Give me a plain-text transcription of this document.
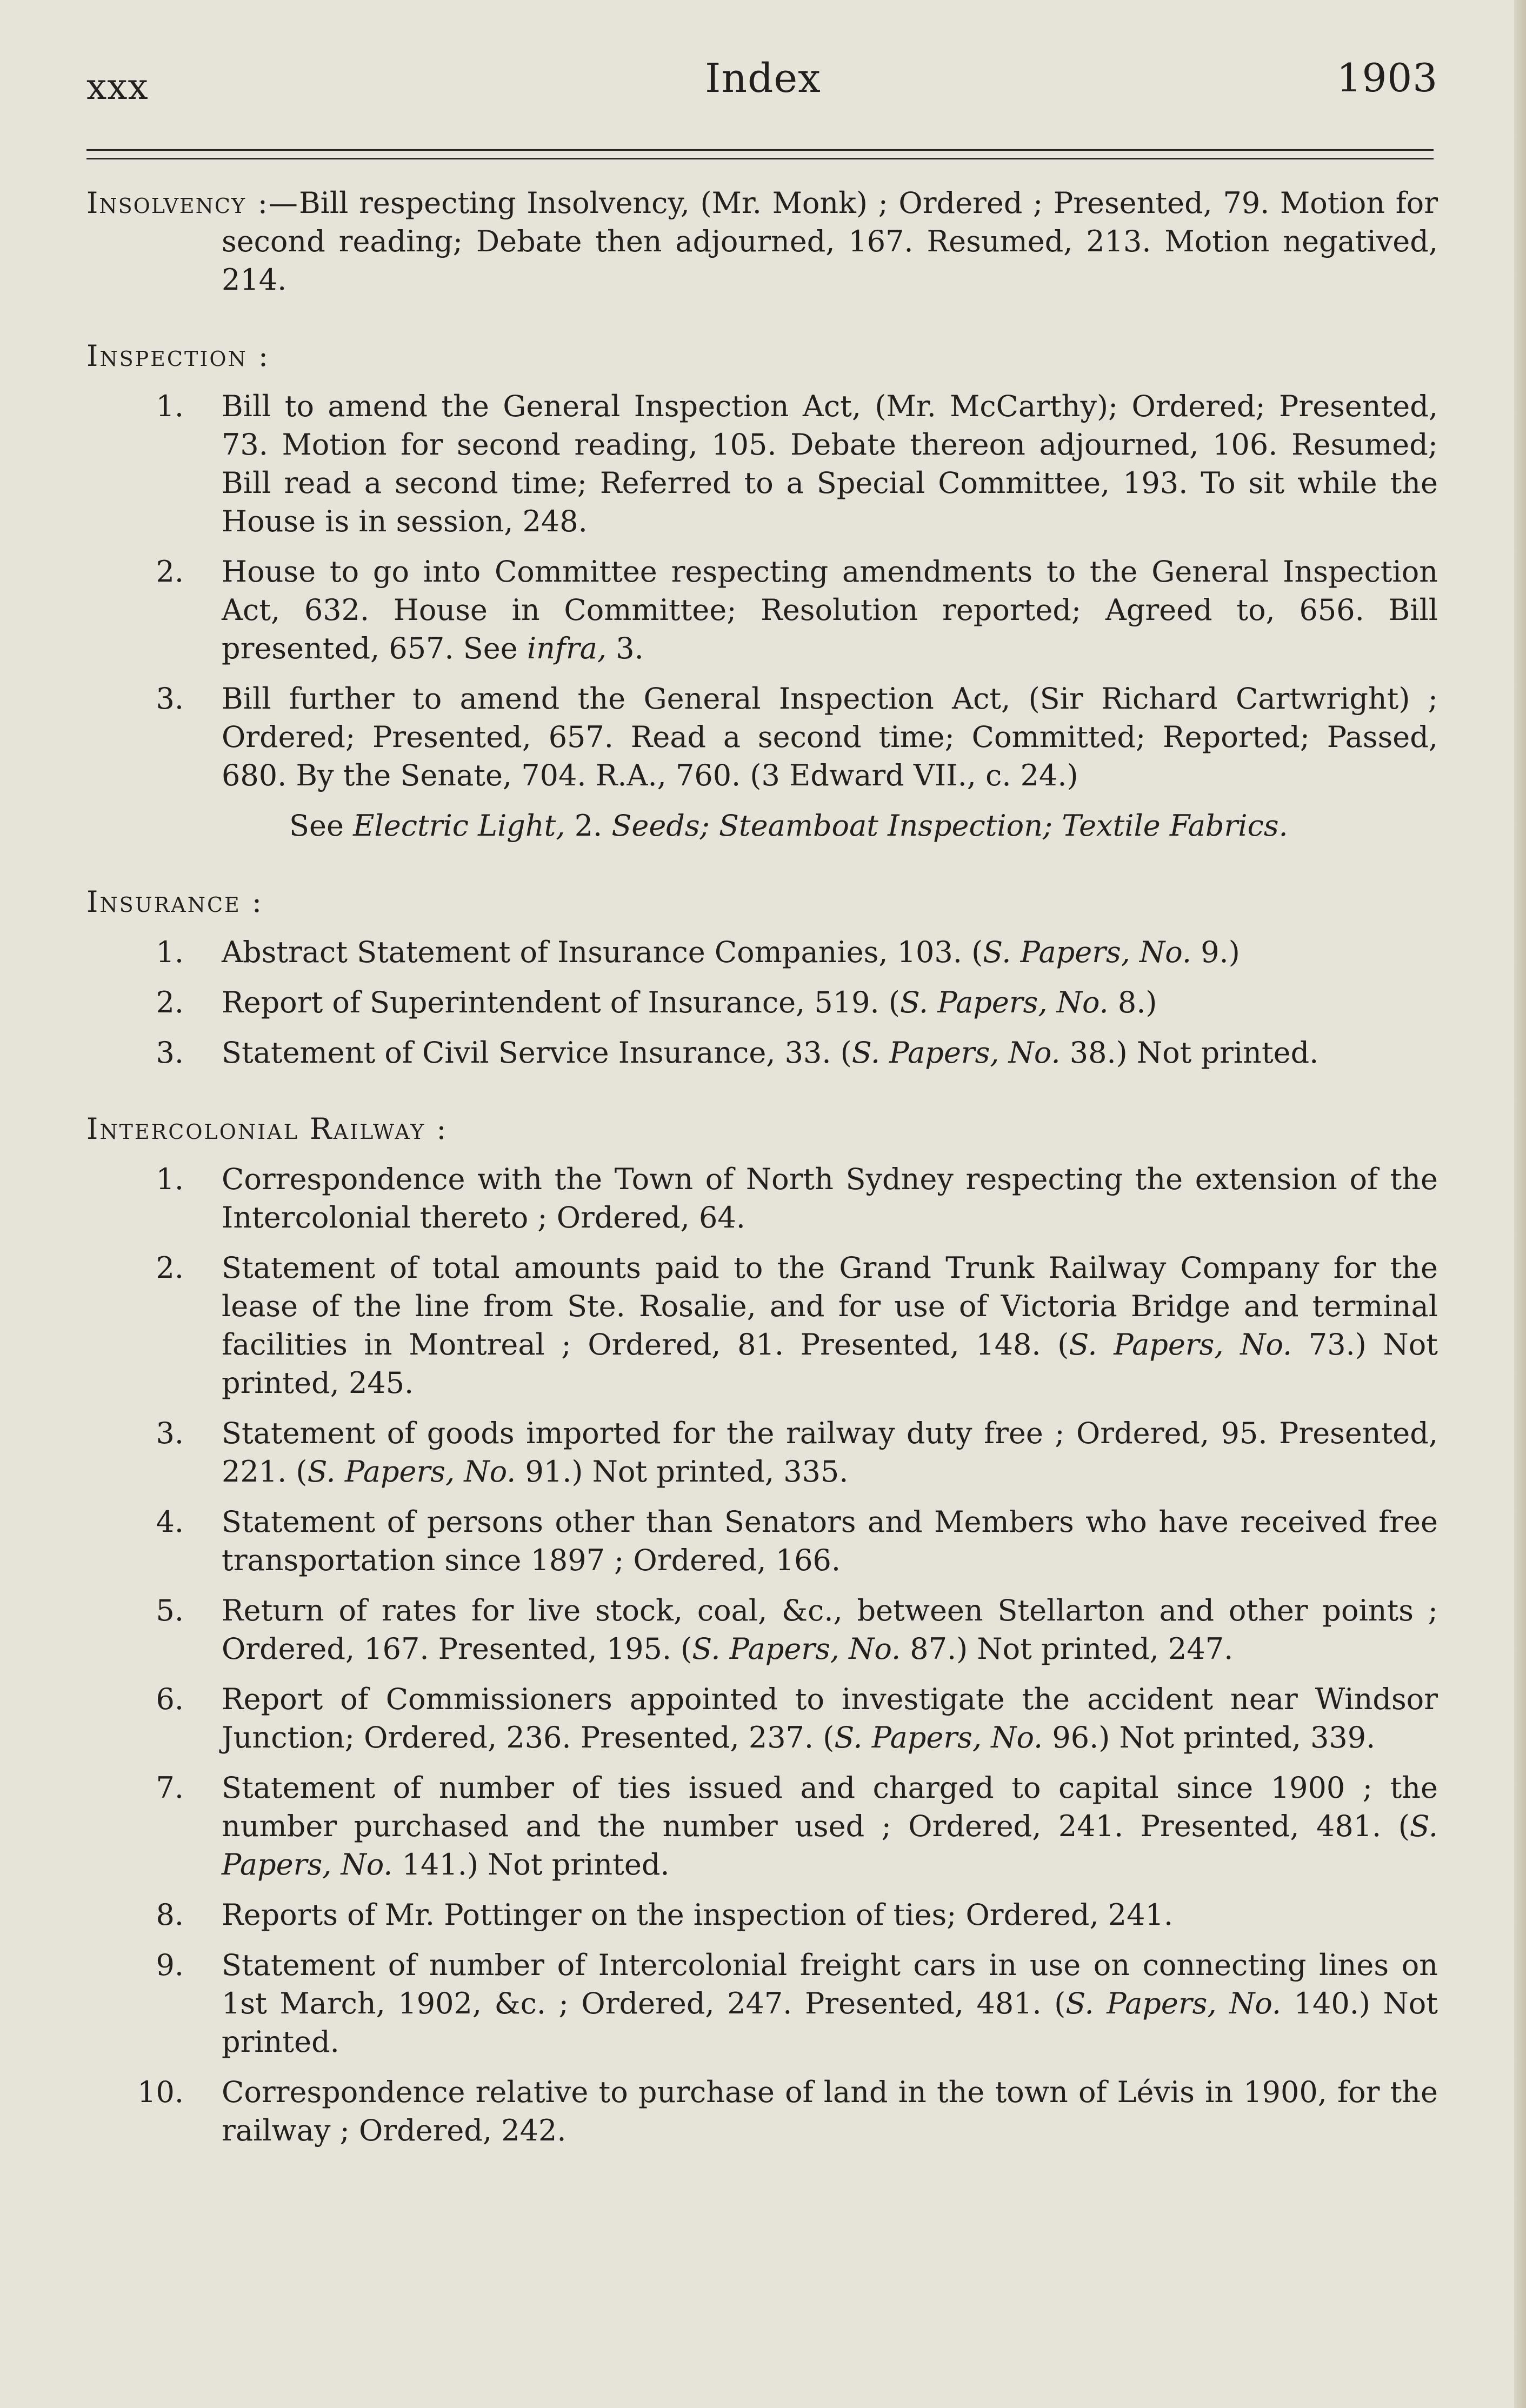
xxx	Index	1903
Insolvency :—Bill respecting Insolvency, (Mr. Monk) ; Ordered ; Presented, 79. Motion for second reading; Debate then adjourned, 167. Resumed, 213. Motion negatived, 214.
Inspection :
1. Bill to amend the General Inspection Act, (Mr. McCarthy); Ordered; Presented, 73. Motion for second reading, 105. Debate thereon adjourned, 106. Resumed; Bill read a second time; Referred to a Special Committee, 193. To sit while the House is in session, 248.
2. House to go into Committee respecting amendments to the General Inspection Act, 632. House in Committee; Resolution reported; Agreed to, 656. Bill presented, 657. See infra, 3.
3. Bill further to amend the General Inspection Act, (Sir Richard Cartwright) ; Ordered; Presented, 657. Read a second time; Committed; Reported; Passed, 680. By the Senate, 704. R.A., 760. (3 Edward VII., c. 24.)
See Electric Light, 2. Seeds; Steamboat Inspection; Textile Fabrics.
Insurance :
1. Abstract Statement of Insurance Companies, 103. (S. Papers, No. 9.)
2. Report of Superintendent of Insurance, 519. (S. Papers, No. 8.)
3. Statement of Civil Service Insurance, 33. (S. Papers, No. 38.) Not printed.
Intercolonial Railway :
1. Correspondence with the Town of North Sydney respecting the extension of the Intercolonial thereto ; Ordered, 64.
2. Statement of total amounts paid to the Grand Trunk Railway Company for the lease of the line from Ste. Rosalie, and for use of Victoria Bridge and terminal facilities in Montreal ; Ordered, 81. Presented, 148. (S. Papers, No. 73.) Not printed, 245.
3. Statement of goods imported for the railway duty free ; Ordered, 95. Presented, 221. (S. Papers, No. 91.) Not printed, 335.
4. Statement of persons other than Senators and Members who have received free transportation since 1897 ; Ordered, 166.
5. Return of rates for live stock, coal, &c., between Stellarton and other points ; Ordered, 167. Presented, 195. (S. Papers, No. 87.) Not printed, 247.
6. Report of Commissioners appointed to investigate the accident near Windsor Junction; Ordered, 236. Presented, 237. (S. Papers, No. 96.) Not printed, 339.
7. Statement of number of ties issued and charged to capital since 1900 ; the number purchased and the number used ; Ordered, 241. Presented, 481. (S. Papers, No. 141.) Not printed.
8. Reports of Mr. Pottinger on the inspection of ties; Ordered, 241.
9. Statement of number of Intercolonial freight cars in use on connecting lines on 1st March, 1902, &c. ; Ordered, 247. Presented, 481. (S. Papers, No. 140.) Not printed.
10. Correspondence relative to purchase of land in the town of Lévis in 1900, for the railway ; Ordered, 242.
